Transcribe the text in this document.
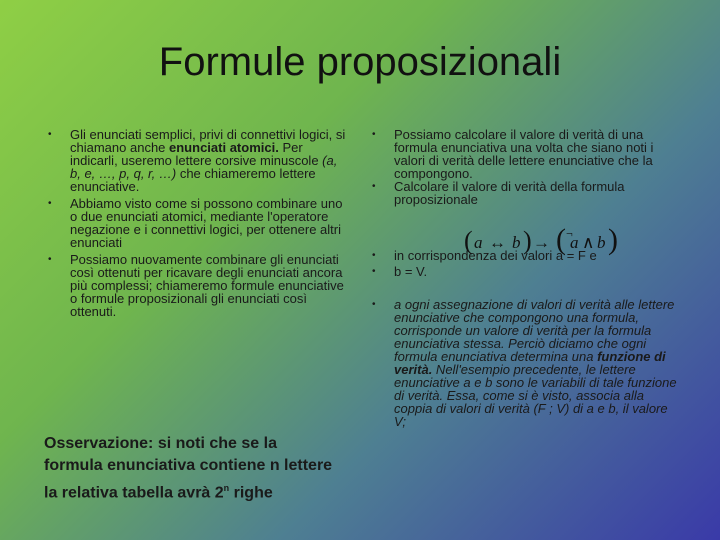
Formule proposizionali
• Gli enunciati semplici, privi di connettivi logici, si chiamano anche enunciati atomici. Per indicarli, useremo lettere corsive minuscole (a, b, e, …, p, q, r, …) che chiameremo lettere enunciative.
• Abbiamo visto come si possono combinare uno o due enunciati atomici, mediante l'operatore negazione e i connettivi logici, per ottenere altri enunciati
• Possiamo nuovamente combinare gli enunciati così ottenuti per ricavare degli enunciati ancora più complessi; chiameremo formule enunciative o formule proposizionali gli enunciati così ottenuti.
Osservazione: si noti che se la formula enunciativa contiene n lettere la relativa tabella avrà 2$^n$ righe
• Possiamo calcolare il valore di verità di una formula enunciativa una volta che siano noti i valori di verità delle lettere enunciative che la compongono.
• Calcolare il valore di verità della formula proposizionale
• in corrispondenza dei valori a = F e
• b = V.
• a ogni assegnazione di valori di verità alle lettere enunciative che compongono una formula, corrisponde un valore di verità per la formula enunciativa stessa. Perciò diciamo che ogni formula enunciativa determina una funzione di verità. Nell'esempio precedente, le lettere enunciative a e b sono le variabili di tale funzione di verità. Essa, come si è visto, associa alla coppia di valori di verità (F ; V) di a e b, il valore V;
( a ↔ b ) → ( ¬
a ∧ b )
